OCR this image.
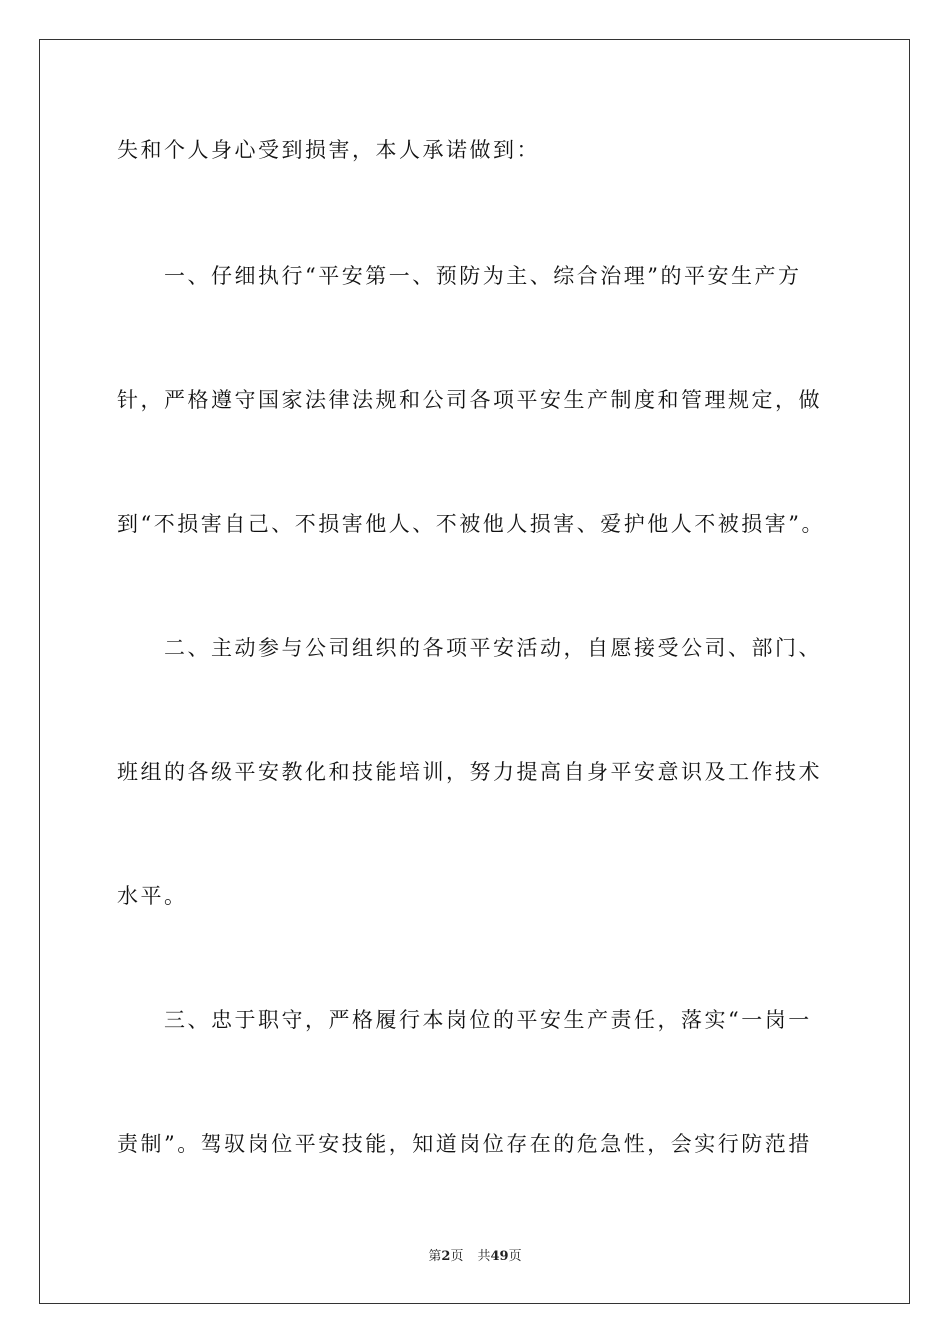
失和个人身心受到损害，本人承诺做到：
一、仔细执行“平安第一、预防为主、综合治理”的平安生产方
针，严格遵守国家法律法规和公司各项平安生产制度和管理规定，做
到“不损害自己、不损害他人、不被他人损害、爱护他人不被损害”。
二、主动参与公司组织的各项平安活动，自愿接受公司、部门、
班组的各级平安教化和技能培训，努力提高自身平安意识及工作技术
水平。
三、忠于职守，严格履行本岗位的平安生产责任，落实“一岗一
责制”。驾驭岗位平安技能，知道岗位存在的危急性，会实行防范措
第2页 共49页
